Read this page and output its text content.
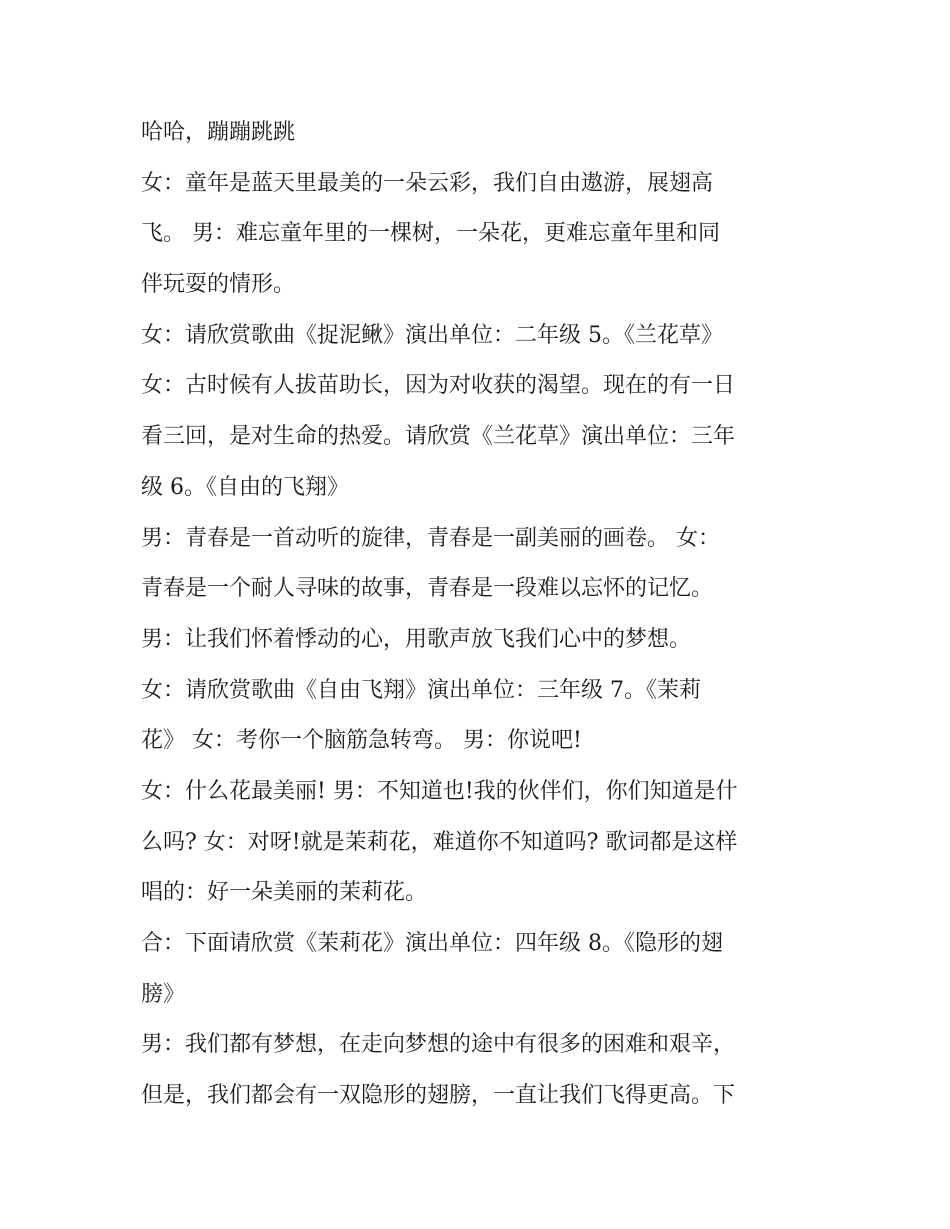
哈哈，蹦蹦跳跳
女：童年是蓝天里最美的一朵云彩，我们自由遨游，展翅高
飞。 男：难忘童年里的一棵树，一朵花，更难忘童年里和同
伴玩耍的情形。
女：请欣赏歌曲《捉泥鳅》演出单位：二年级 5。《兰花草》
女：古时候有人拔苗助长，因为对收获的渴望。现在的有一日
看三回，是对生命的热爱。请欣赏《兰花草》演出单位：三年
级 6。《自由的飞翔》
男：青春是一首动听的旋律，青春是一副美丽的画卷。 女：
青春是一个耐人寻味的故事，青春是一段难以忘怀的记忆。
男：让我们怀着悸动的心，用歌声放飞我们心中的梦想。
女：请欣赏歌曲《自由飞翔》演出单位：三年级 7。《茉莉
花》 女：考你一个脑筋急转弯。 男：你说吧!
女：什么花最美丽! 男：不知道也!我的伙伴们，你们知道是什
么吗? 女：对呀!就是茉莉花，难道你不知道吗? 歌词都是这样
唱的：好一朵美丽的茉莉花。
合：下面请欣赏《茉莉花》演出单位：四年级 8。《隐形的翅
膀》
男：我们都有梦想，在走向梦想的途中有很多的困难和艰辛，
但是，我们都会有一双隐形的翅膀，一直让我们飞得更高。下
